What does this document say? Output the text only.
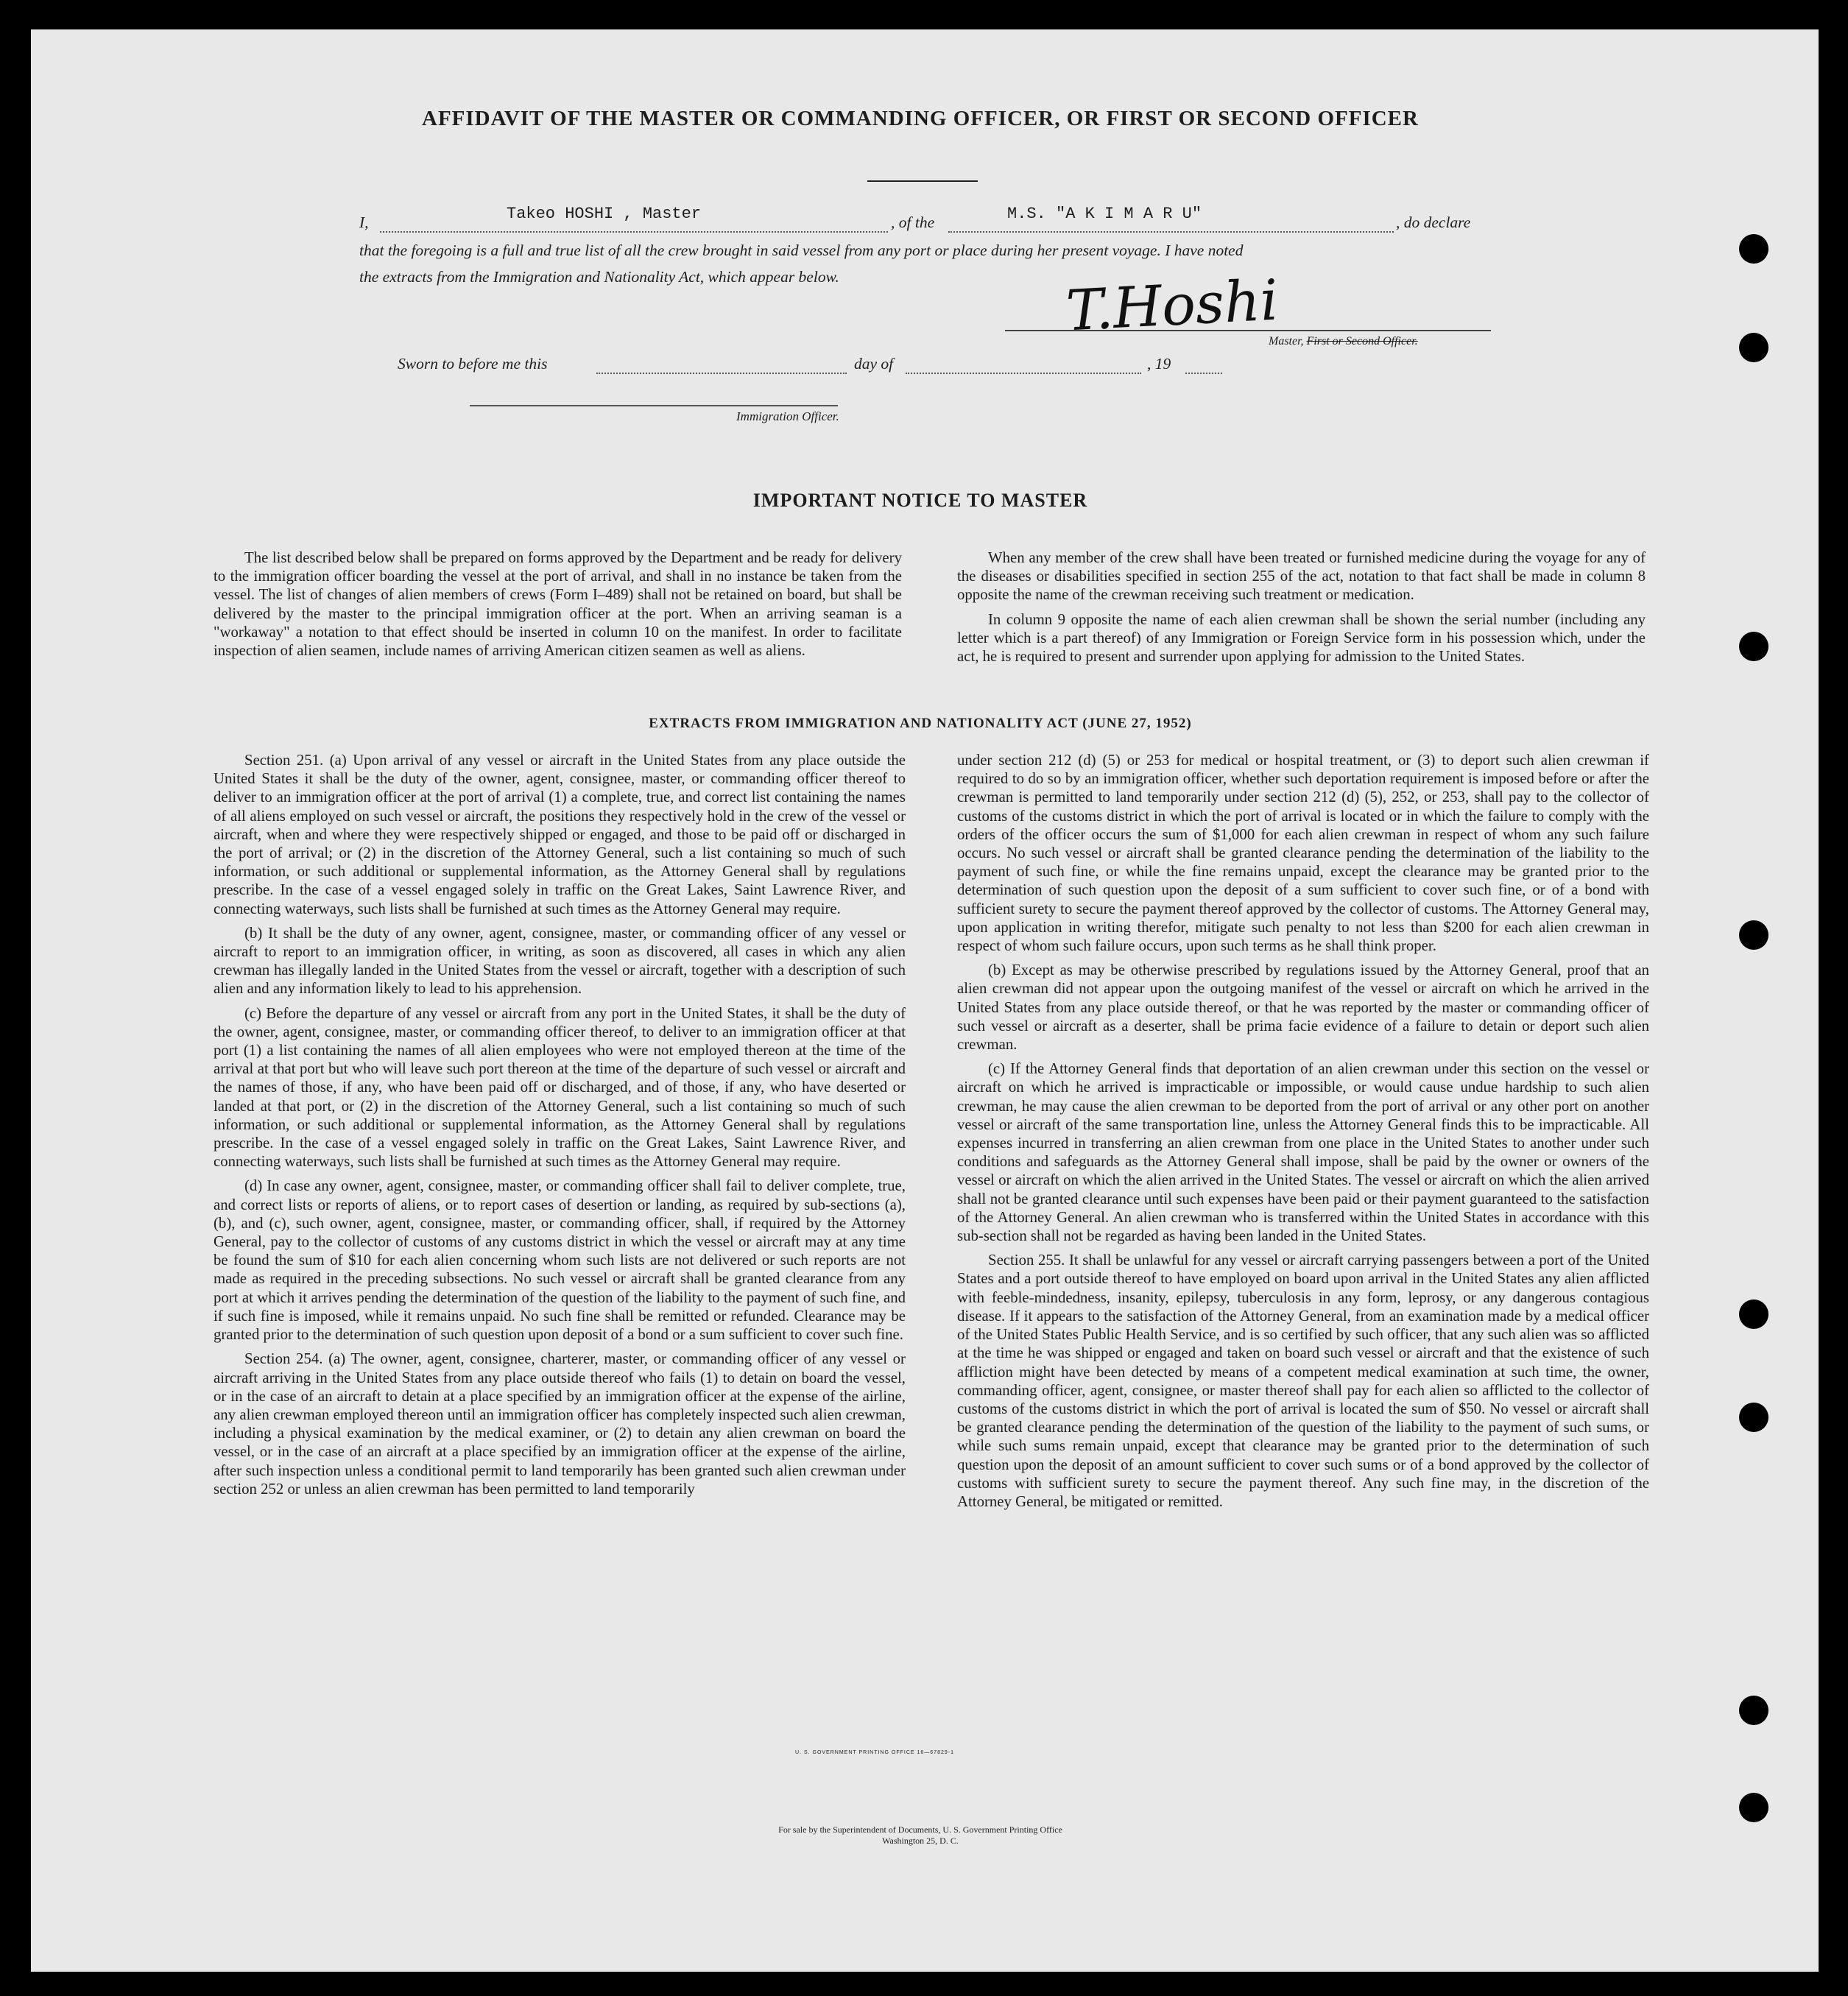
AFFIDAVIT OF THE MASTER OR COMMANDING OFFICER, OR FIRST OR SECOND OFFICER
I,	Takeo HOSHI , Master	, of the	M.S. "A K I M A R U"	, do declare
that the foregoing is a full and true list of all the crew brought in said vessel from any port or place during her present voyage. I have noted
the extracts from the Immigration and Nationality Act, which appear below.	T.Hoshi
Master, First or Second Officer.
Sworn to before me this	day of	, 19
Immigration Officer.
IMPORTANT NOTICE TO MASTER

The list described below shall be prepared on forms approved by the Department and be ready for delivery to the immigration officer boarding the vessel at the port of arrival, and shall in no instance be taken from the vessel. The list of changes of alien members of crews (Form I–489) shall not be retained on board, but shall be delivered by the master to the principal immigration officer at the port. When an arriving seaman is a "workaway" a notation to that effect should be inserted in column 10 on the manifest. In order to facilitate inspection of alien seamen, include names of arriving American citizen seamen as well as aliens.

When any member of the crew shall have been treated or furnished medicine during the voyage for any of the diseases or disabilities specified in section 255 of the act, notation to that fact shall be made in column 8 opposite the name of the crewman receiving such treatment or medication.

In column 9 opposite the name of each alien crewman shall be shown the serial number (including any letter which is a part thereof) of any Immigration or Foreign Service form in his possession which, under the act, he is required to present and surrender upon applying for admission to the United States.

EXTRACTS FROM IMMIGRATION AND NATIONALITY ACT (JUNE 27, 1952)

Section 251. (a) Upon arrival of any vessel or aircraft in the United States from any place outside the United States it shall be the duty of the owner, agent, consignee, master, or commanding officer thereof to deliver to an immigration officer at the port of arrival (1) a complete, true, and correct list containing the names of all aliens employed on such vessel or aircraft, the positions they respectively hold in the crew of the vessel or aircraft, when and where they were respectively shipped or engaged, and those to be paid off or discharged in the port of arrival; or (2) in the discretion of the Attorney General, such a list containing so much of such information, or such additional or supplemental information, as the Attorney General shall by regulations prescribe. In the case of a vessel engaged solely in traffic on the Great Lakes, Saint Lawrence River, and connecting waterways, such lists shall be furnished at such times as the Attorney General may require.

(b) It shall be the duty of any owner, agent, consignee, master, or commanding officer of any vessel or aircraft to report to an immigration officer, in writing, as soon as discovered, all cases in which any alien crewman has illegally landed in the United States from the vessel or aircraft, together with a description of such alien and any information likely to lead to his apprehension.

(c) Before the departure of any vessel or aircraft from any port in the United States, it shall be the duty of the owner, agent, consignee, master, or commanding officer thereof, to deliver to an immigration officer at that port (1) a list containing the names of all alien employees who were not employed thereon at the time of the arrival at that port but who will leave such port thereon at the time of the departure of such vessel or aircraft and the names of those, if any, who have been paid off or discharged, and of those, if any, who have deserted or landed at that port, or (2) in the discretion of the Attorney General, such a list containing so much of such information, or such additional or supplemental information, as the Attorney General shall by regulations prescribe. In the case of a vessel engaged solely in traffic on the Great Lakes, Saint Lawrence River, and connecting waterways, such lists shall be furnished at such times as the Attorney General may require.

(d) In case any owner, agent, consignee, master, or commanding officer shall fail to deliver complete, true, and correct lists or reports of aliens, or to report cases of desertion or landing, as required by sub-sections (a), (b), and (c), such owner, agent, consignee, master, or commanding officer, shall, if required by the Attorney General, pay to the collector of customs of any customs district in which the vessel or aircraft may at any time be found the sum of $10 for each alien concerning whom such lists are not delivered or such reports are not made as required in the preceding subsections. No such vessel or aircraft shall be granted clearance from any port at which it arrives pending the determination of the question of the liability to the payment of such fine, and if such fine is imposed, while it remains unpaid. No such fine shall be remitted or refunded. Clearance may be granted prior to the determination of such question upon deposit of a bond or a sum sufficient to cover such fine.

Section 254. (a) The owner, agent, consignee, charterer, master, or commanding officer of any vessel or aircraft arriving in the United States from any place outside thereof who fails (1) to detain on board the vessel, or in the case of an aircraft to detain at a place specified by an immigration officer at the expense of the airline, any alien crewman employed thereon until an immigration officer has completely inspected such alien crewman, including a physical examination by the medical examiner, or (2) to detain any alien crewman on board the vessel, or in the case of an aircraft at a place specified by an immigration officer at the expense of the airline, after such inspection unless a conditional permit to land temporarily has been granted such alien crewman under section 252 or unless an alien crewman has been permitted to land temporarily

under section 212 (d) (5) or 253 for medical or hospital treatment, or (3) to deport such alien crewman if required to do so by an immigration officer, whether such deportation requirement is imposed before or after the crewman is permitted to land temporarily under section 212 (d) (5), 252, or 253, shall pay to the collector of customs of the customs district in which the port of arrival is located or in which the failure to comply with the orders of the officer occurs the sum of $1,000 for each alien crewman in respect of whom any such failure occurs. No such vessel or aircraft shall be granted clearance pending the determination of the liability to the payment of such fine, or while the fine remains unpaid, except the clearance may be granted prior to the determination of such question upon the deposit of a sum sufficient to cover such fine, or of a bond with sufficient surety to secure the payment thereof approved by the collector of customs. The Attorney General may, upon application in writing therefor, mitigate such penalty to not less than $200 for each alien crewman in respect of whom such failure occurs, upon such terms as he shall think proper.

(b) Except as may be otherwise prescribed by regulations issued by the Attorney General, proof that an alien crewman did not appear upon the outgoing manifest of the vessel or aircraft on which he arrived in the United States from any place outside thereof, or that he was reported by the master or commanding officer of such vessel or aircraft as a deserter, shall be prima facie evidence of a failure to detain or deport such alien crewman.

(c) If the Attorney General finds that deportation of an alien crewman under this section on the vessel or aircraft on which he arrived is impracticable or impossible, or would cause undue hardship to such alien crewman, he may cause the alien crewman to be deported from the port of arrival or any other port on another vessel or aircraft of the same transportation line, unless the Attorney General finds this to be impracticable. All expenses incurred in transferring an alien crewman from one place in the United States to another under such conditions and safeguards as the Attorney General shall impose, shall be paid by the owner or owners of the vessel or aircraft on which the alien arrived in the United States. The vessel or aircraft on which the alien arrived shall not be granted clearance until such expenses have been paid or their payment guaranteed to the satisfaction of the Attorney General. An alien crewman who is transferred within the United States in accordance with this sub-section shall not be regarded as having been landed in the United States.

Section 255. It shall be unlawful for any vessel or aircraft carrying passengers between a port of the United States and a port outside thereof to have employed on board upon arrival in the United States any alien afflicted with feeble-mindedness, insanity, epilepsy, tuberculosis in any form, leprosy, or any dangerous contagious disease. If it appears to the satisfaction of the Attorney General, from an examination made by a medical officer of the United States Public Health Service, and is so certified by such officer, that any such alien was so afflicted at the time he was shipped or engaged and taken on board such vessel or aircraft and that the existence of such affliction might have been detected by means of a competent medical examination at such time, the owner, commanding officer, agent, consignee, or master thereof shall pay for each alien so afflicted to the collector of customs of the customs district in which the port of arrival is located the sum of $50. No vessel or aircraft shall be granted clearance pending the determination of the question of the liability to the payment of such sums, or while such sums remain unpaid, except that clearance may be granted prior to the determination of such question upon the deposit of an amount sufficient to cover such sums or of a bond approved by the collector of customs with sufficient surety to secure the payment thereof. Any such fine may, in the discretion of the Attorney General, be mitigated or remitted.

U. S. GOVERNMENT PRINTING OFFICE 16—67829-1
For sale by the Superintendent of Documents, U. S. Government Printing Office
Washington 25, D. C.
